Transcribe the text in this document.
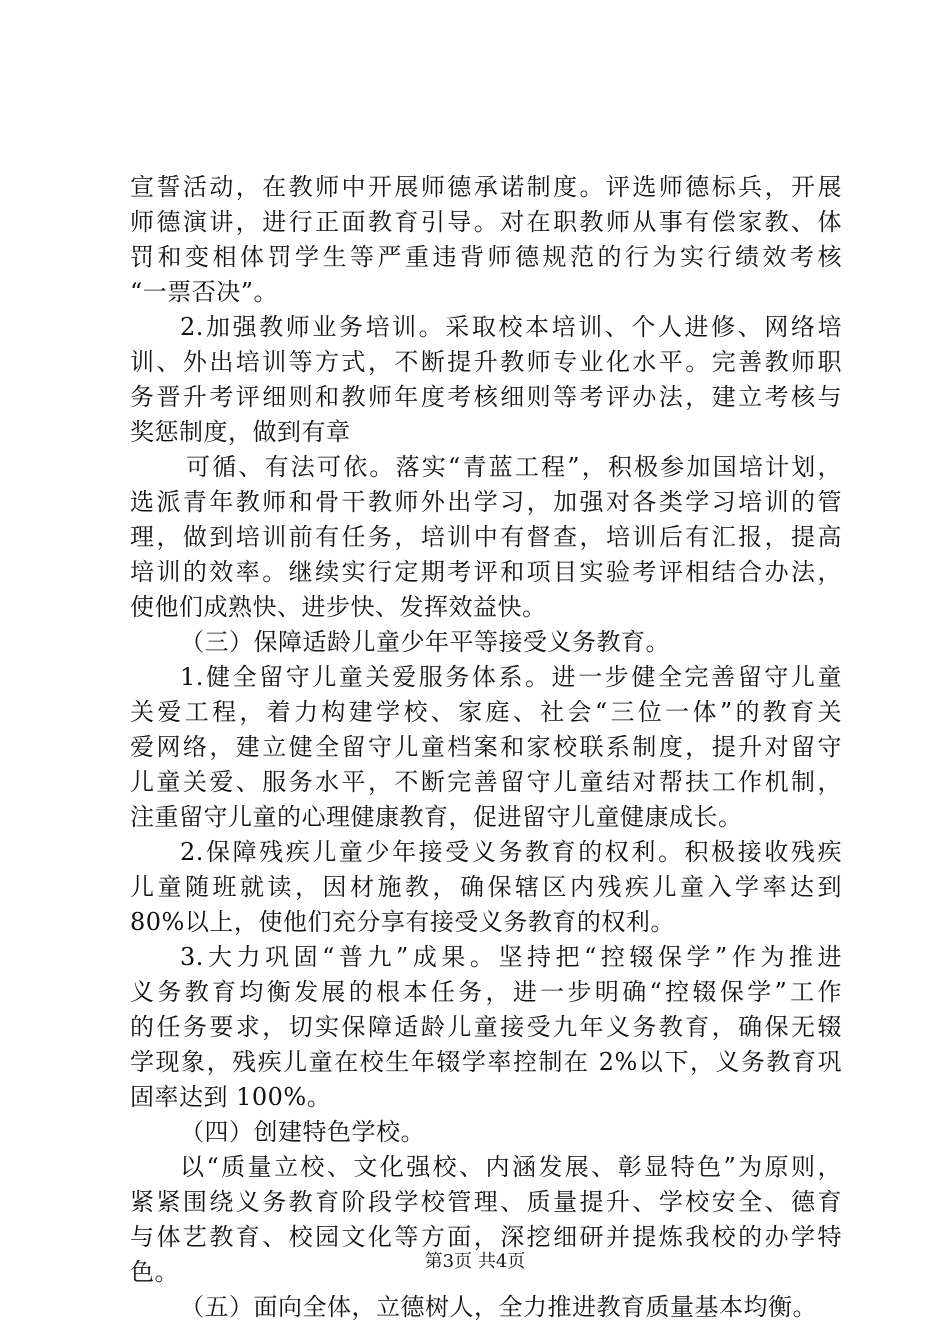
宣誓活动，在教师中开展师德承诺制度。评选师德标兵，开展
师德演讲，进行正面教育引导。对在职教师从事有偿家教、体
罚和变相体罚学生等严重违背师德规范的行为实行绩效考核
“一票否决”。
2.加强教师业务培训。采取校本培训、个人进修、网络培
训、外出培训等方式，不断提升教师专业化水平。完善教师职
务晋升考评细则和教师年度考核细则等考评办法，建立考核与
奖惩制度，做到有章
可循、有法可依。落实“青蓝工程”，积极参加国培计划，
选派青年教师和骨干教师外出学习，加强对各类学习培训的管
理，做到培训前有任务，培训中有督查，培训后有汇报，提高
培训的效率。继续实行定期考评和项目实验考评相结合办法，
使他们成熟快、进步快、发挥效益快。
（三）保障适龄儿童少年平等接受义务教育。
1.健全留守儿童关爱服务体系。进一步健全完善留守儿童
关爱工程，着力构建学校、家庭、社会“三位一体”的教育关
爱网络，建立健全留守儿童档案和家校联系制度，提升对留守
儿童关爱、服务水平，不断完善留守儿童结对帮扶工作机制，
注重留守儿童的心理健康教育，促进留守儿童健康成长。
2.保障残疾儿童少年接受义务教育的权利。积极接收残疾
儿童随班就读，因材施教，确保辖区内残疾儿童入学率达到
80%以上，使他们充分享有接受义务教育的权利。
3.大力巩固“普九”成果。坚持把“控辍保学”作为推进
义务教育均衡发展的根本任务，进一步明确“控辍保学”工作
的任务要求，切实保障适龄儿童接受九年义务教育，确保无辍
学现象，残疾儿童在校生年辍学率控制在 2%以下，义务教育巩
固率达到 100%。
（四）创建特色学校。
以“质量立校、文化强校、内涵发展、彰显特色”为原则，
紧紧围绕义务教育阶段学校管理、质量提升、学校安全、德育
与体艺教育、校园文化等方面，深挖细研并提炼我校的办学特
色。
（五）面向全体，立德树人，全力推进教育质量基本均衡。
第3页 共4页
